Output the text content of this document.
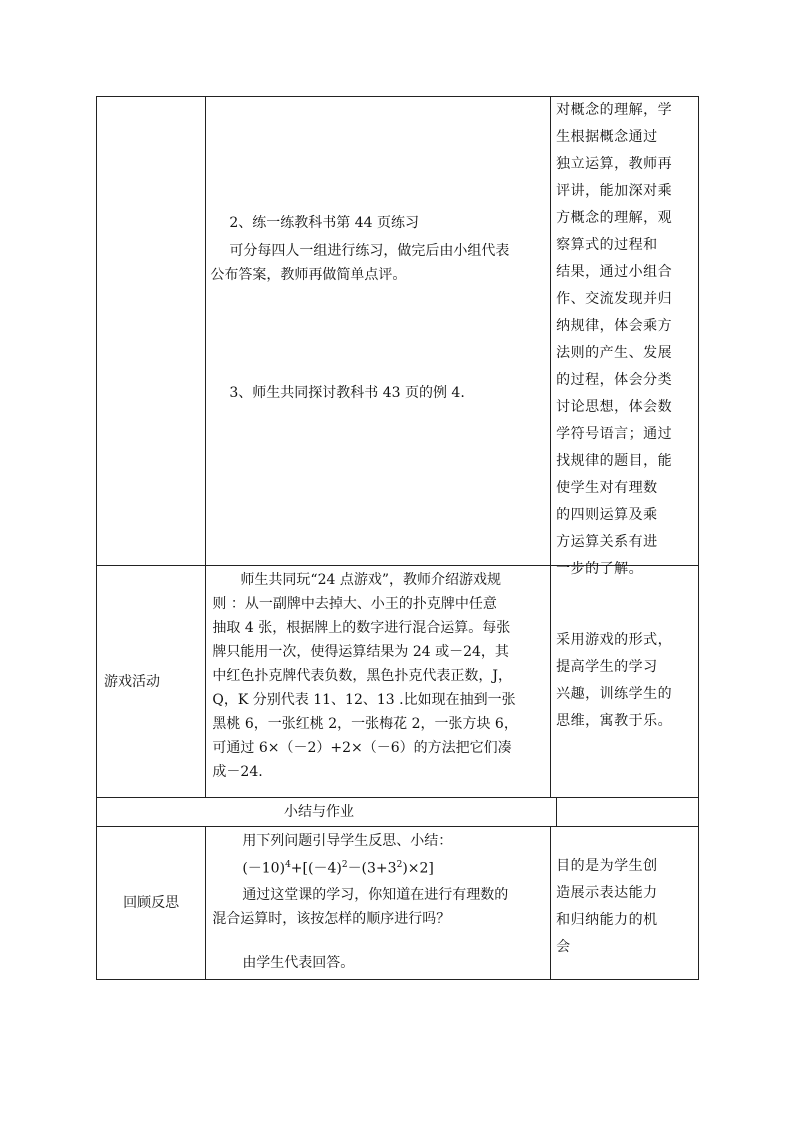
2、练一练教科书第 44 页练习
可分每四人一组进行练习，做完后由小组代表
公布答案，教师再做简单点评。
3、师生共同探讨教科书 43 页的例 4.
对概念的理解，学
生根据概念通过
独立运算，教师再
评讲，能加深对乘
方概念的理解，观
察算式的过程和
结果，通过小组合
作、交流发现并归
纳规律，体会乘方
法则的产生、发展
的过程，体会分类
讨论思想，体会数
学符号语言；通过
找规律的题目，能
使学生对有理数
的四则运算及乘
方运算关系有进
一步的了解。
游戏活动
师生共同玩“24 点游戏”，教师介绍游戏规
则 ：从一副牌中去掉大、小王的扑克牌中任意
抽取 4 张，根据牌上的数字进行混合运算。每张
牌只能用一次，使得运算结果为 24 或－24，其
中红色扑克牌代表负数，黑色扑克代表正数，J，
Q，K 分别代表 11、12、13 .比如现在抽到一张
黑桃 6，一张红桃 2，一张梅花 2，一张方块 6，
可通过 6×（－2）+2×（－6）的方法把它们凑
成－24.
采用游戏的形式，
提高学生的学习
兴趣，训练学生的
思维，寓教于乐。
小结与作业
回顾反思
用下列问题引导学生反思、小结：
$(-10)^4+[(-4)^2-(3+3^2)\times 2]$
通过这堂课的学习，你知道在进行有理数的
混合运算时，该按怎样的顺序进行吗？
由学生代表回答。
目的是为学生创
造展示表达能力
和归纳能力的机
会
